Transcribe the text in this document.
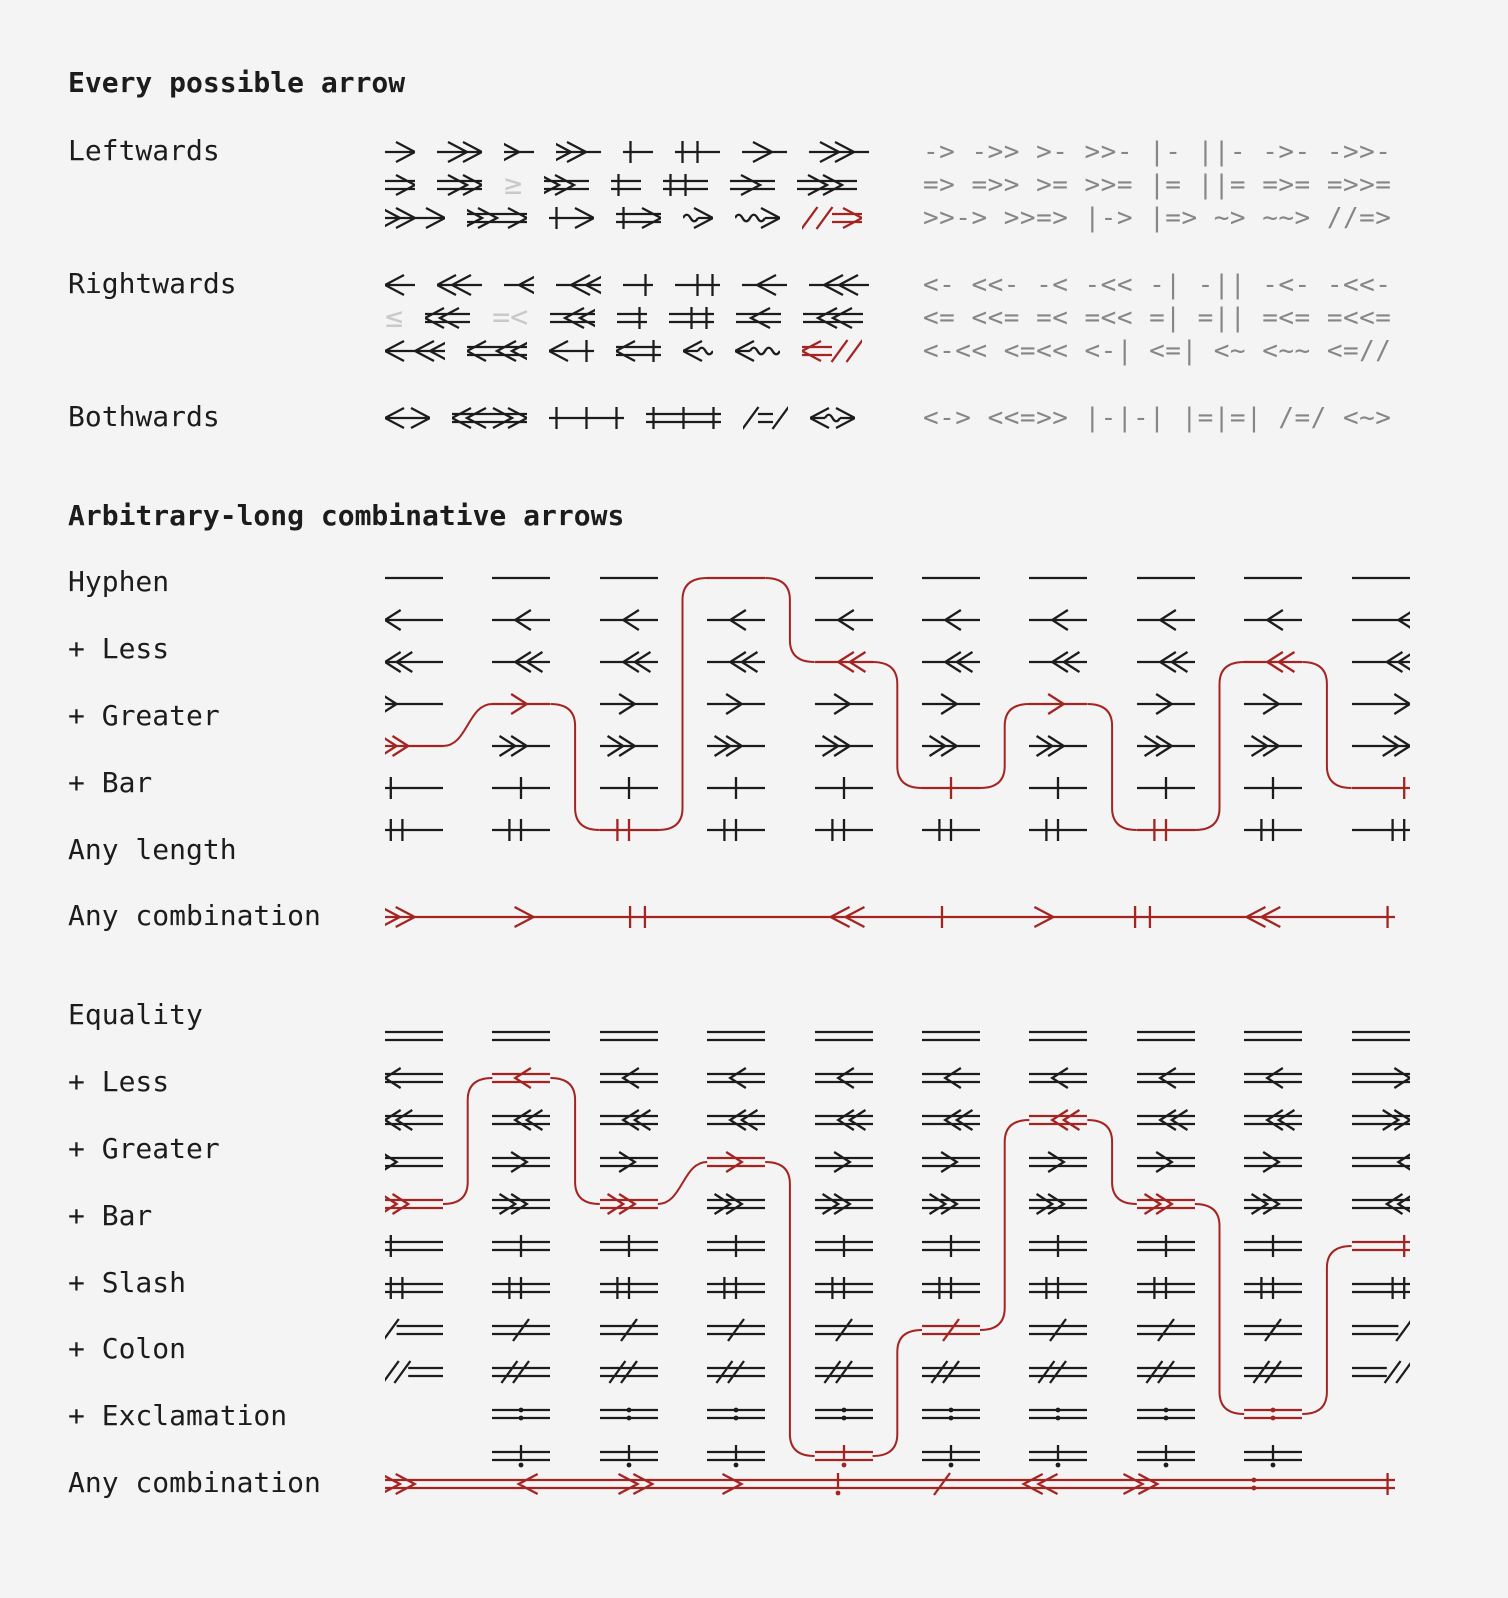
Every possible arrow
Arbitrary-long combinative arrows
Leftwards
≥
-> ->> >- >>- |- ||- ->- ->>-
=> =>> >= >>= |= ||= =>= =>>=
>>-> >>=> |-> |=> ~> ~~> //=>
Rightwards
≤	=<
<- <<- -< -<< -| -|| -<- -<<-
<= <<= =< =<< =| =|| =<= =<<=
<-<< <=<< <-| <=| <~ <~~ <=//
Bothwards	<-> <<=>> |-|-| |=|=| /=/ <~>
Hyphen
+ Less
+ Greater
+ Bar
Any length
Any combination
Equality
+ Less
+ Greater
+ Bar
+ Slash
+ Colon
+ Exclamation
Any combination
